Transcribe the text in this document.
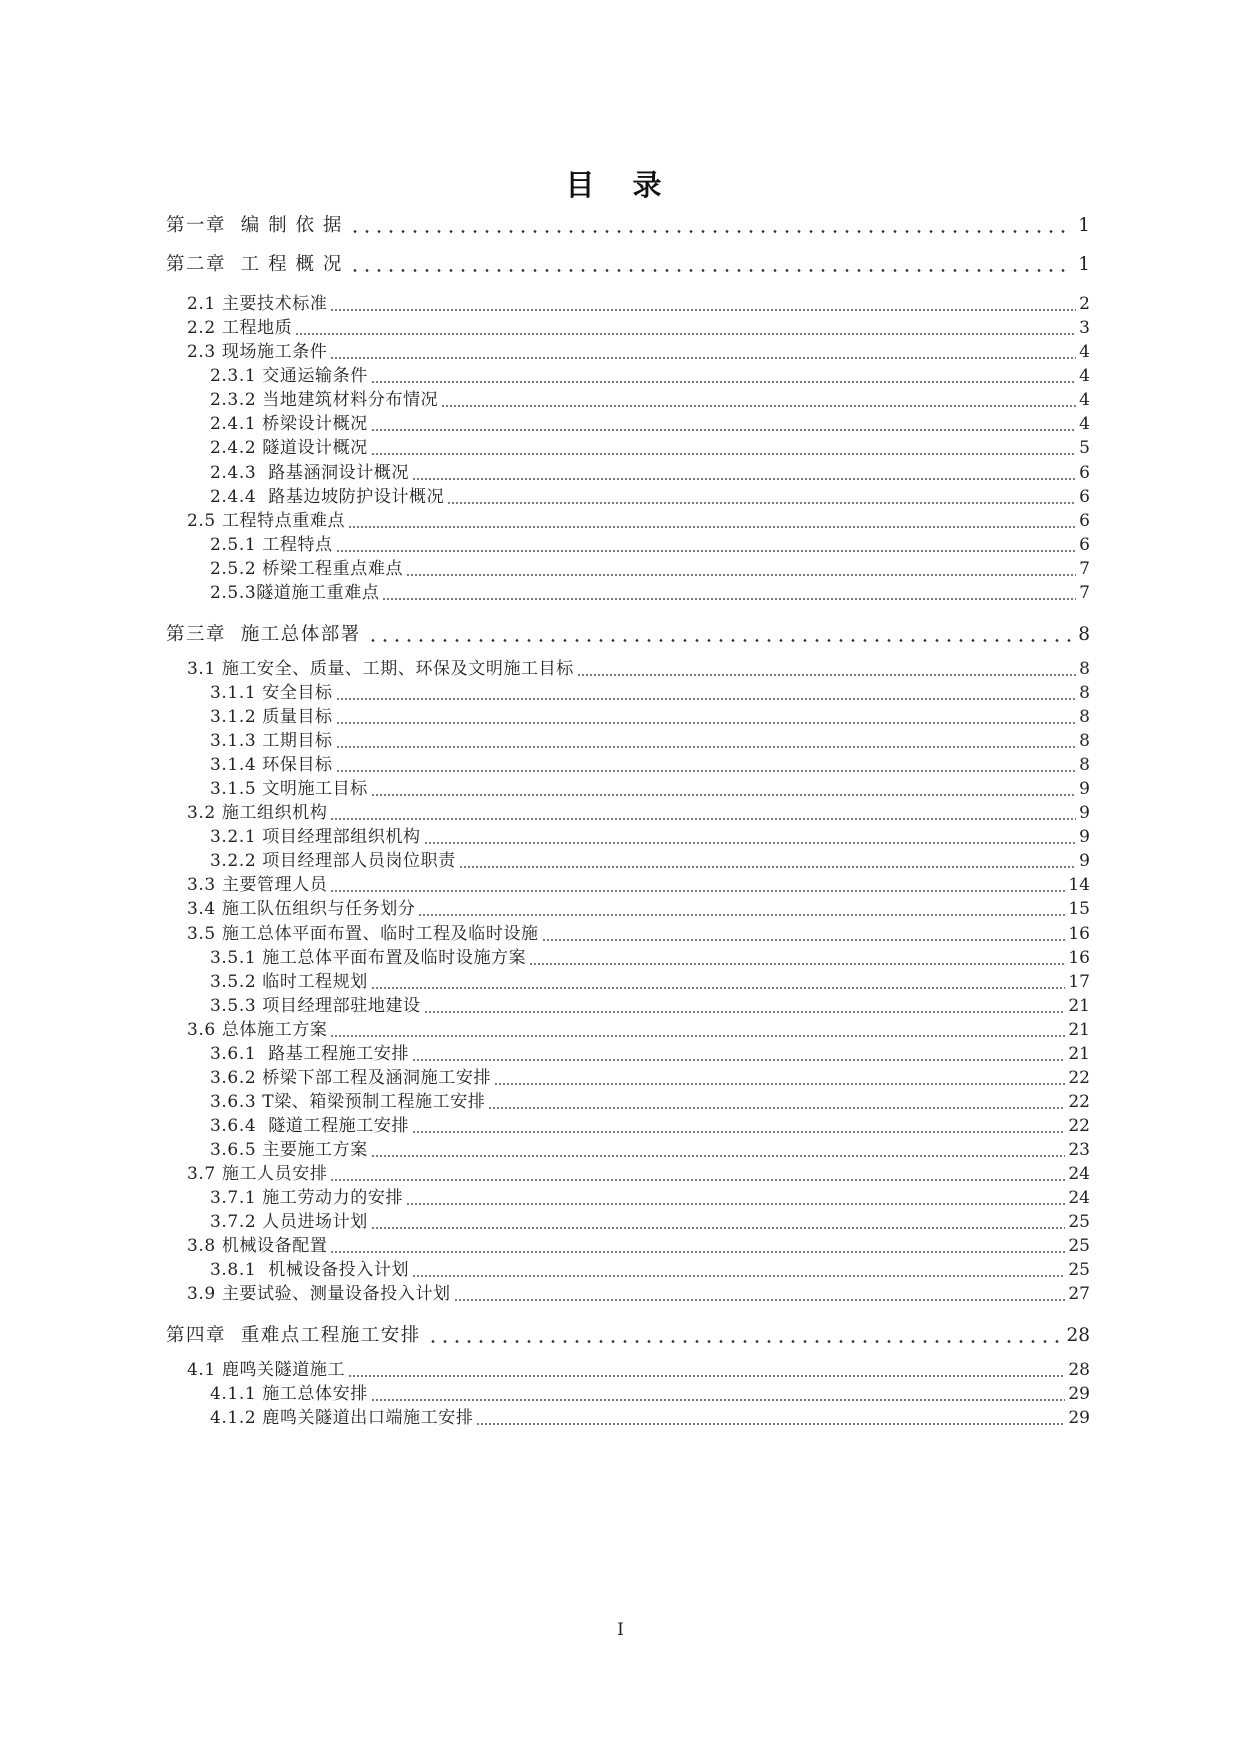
目 录
第一章  编 制 依 据	1
第二章  工 程 概 况	1
2.1 主要技术标准	2
2.2 工程地质	3
2.3 现场施工条件	4
2.3.1 交通运输条件	4
2.3.2 当地建筑材料分布情况	4
2.4.1 桥梁设计概况	4
2.4.2 隧道设计概况	5
2.4.3  路基涵洞设计概况	6
2.4.4  路基边坡防护设计概况	6
2.5 工程特点重难点	6
2.5.1 工程特点	6
2.5.2 桥梁工程重点难点	7
2.5.3隧道施工重难点	7
第三章  施工总体部署	8
3.1 施工安全、质量、工期、环保及文明施工目标	8
3.1.1 安全目标	8
3.1.2 质量目标	8
3.1.3 工期目标	8
3.1.4 环保目标	8
3.1.5 文明施工目标	9
3.2 施工组织机构	9
3.2.1 项目经理部组织机构	9
3.2.2 项目经理部人员岗位职责	9
3.3 主要管理人员	14
3.4 施工队伍组织与任务划分	15
3.5 施工总体平面布置、临时工程及临时设施	16
3.5.1 施工总体平面布置及临时设施方案	16
3.5.2 临时工程规划	17
3.5.3 项目经理部驻地建设	21
3.6 总体施工方案	21
3.6.1  路基工程施工安排	21
3.6.2 桥梁下部工程及涵洞施工安排	22
3.6.3 T梁、箱梁预制工程施工安排	22
3.6.4  隧道工程施工安排	22
3.6.5 主要施工方案	23
3.7 施工人员安排	24
3.7.1 施工劳动力的安排	24
3.7.2 人员进场计划	25
3.8 机械设备配置	25
3.8.1  机械设备投入计划	25
3.9 主要试验、测量设备投入计划	27
第四章  重难点工程施工安排	28
4.1 鹿鸣关隧道施工	28
4.1.1 施工总体安排	29
4.1.2 鹿鸣关隧道出口端施工安排	29
I
